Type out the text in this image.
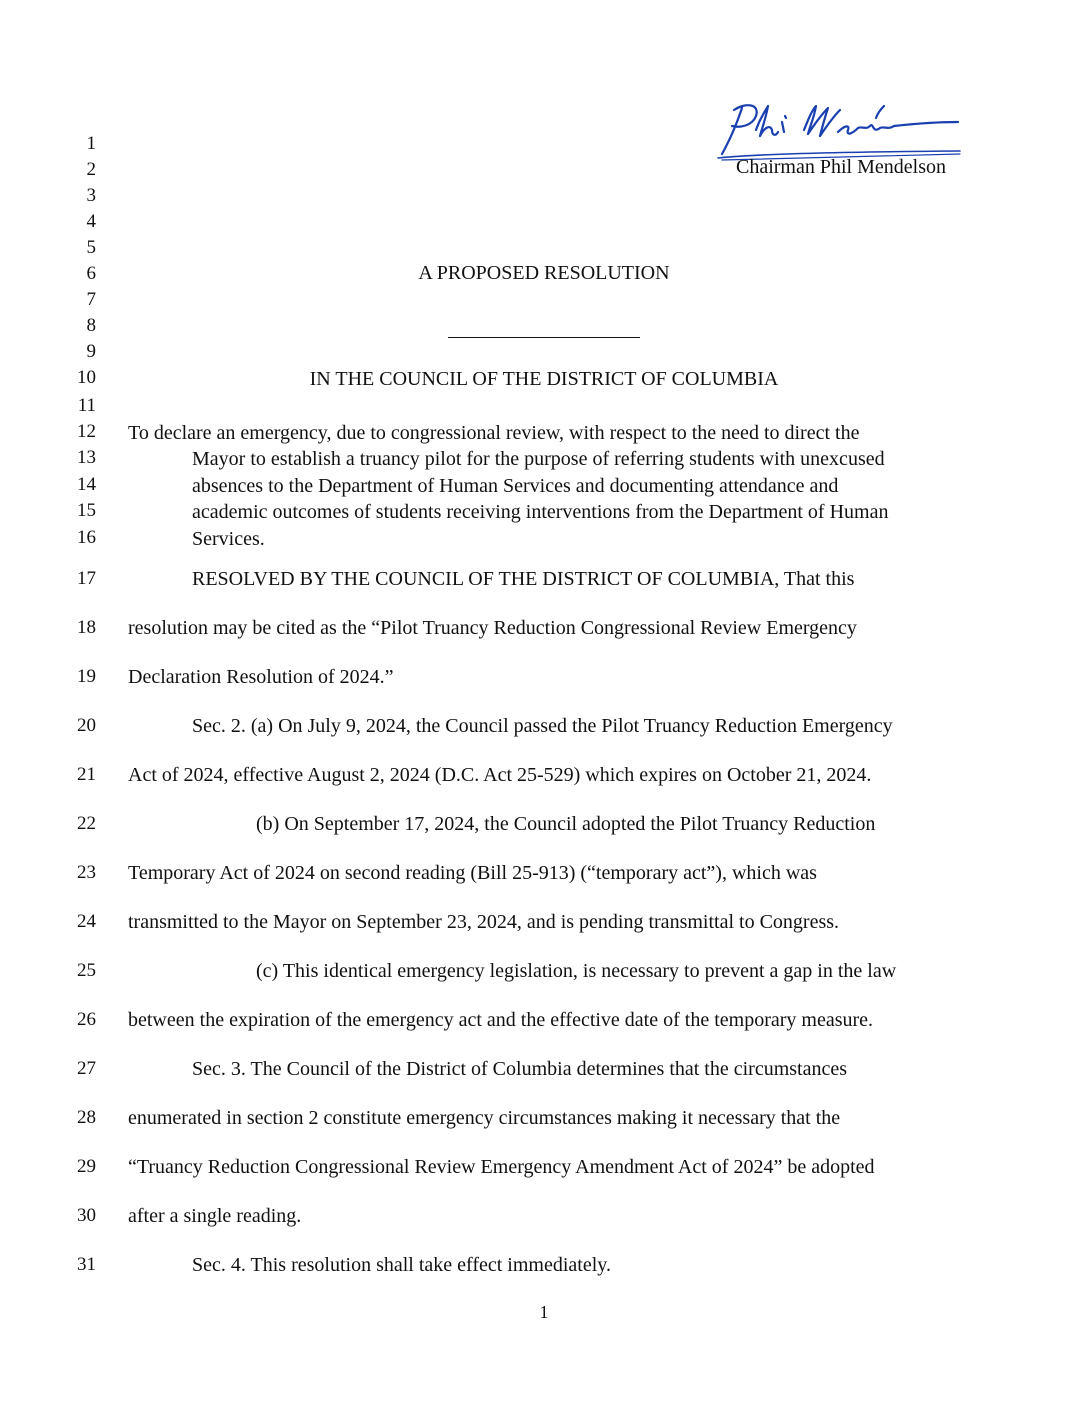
Chairman Phil Mendelson
1
2
3
4
5
6
7
8
9
10
11
12
13
14
15
16
17
18
19
20
21
22
23
24
25
26
27
28
29
30
31
A PROPOSED RESOLUTION
IN THE COUNCIL OF THE DISTRICT OF COLUMBIA
To declare an emergency, due to congressional review, with respect to the need to direct the
Mayor to establish a truancy pilot for the purpose of referring students with unexcused
absences to the Department of Human Services and documenting attendance and
academic outcomes of students receiving interventions from the Department of Human
Services.
RESOLVED BY THE COUNCIL OF THE DISTRICT OF COLUMBIA, That this
resolution may be cited as the “Pilot Truancy Reduction Congressional Review Emergency
Declaration Resolution of 2024.”
Sec. 2. (a) On July 9, 2024, the Council passed the Pilot Truancy Reduction Emergency
Act of 2024, effective August 2, 2024 (D.C. Act 25-529) which expires on October 21, 2024.
(b) On September 17, 2024, the Council adopted the Pilot Truancy Reduction
Temporary Act of 2024 on second reading (Bill 25-913) (“temporary act”), which was
transmitted to the Mayor on September 23, 2024, and is pending transmittal to Congress.
(c) This identical emergency legislation, is necessary to prevent a gap in the law
between the expiration of the emergency act and the effective date of the temporary measure.
Sec. 3. The Council of the District of Columbia determines that the circumstances
enumerated in section 2 constitute emergency circumstances making it necessary that the
“Truancy Reduction Congressional Review Emergency Amendment Act of 2024” be adopted
after a single reading.
Sec. 4. This resolution shall take effect immediately.
1
